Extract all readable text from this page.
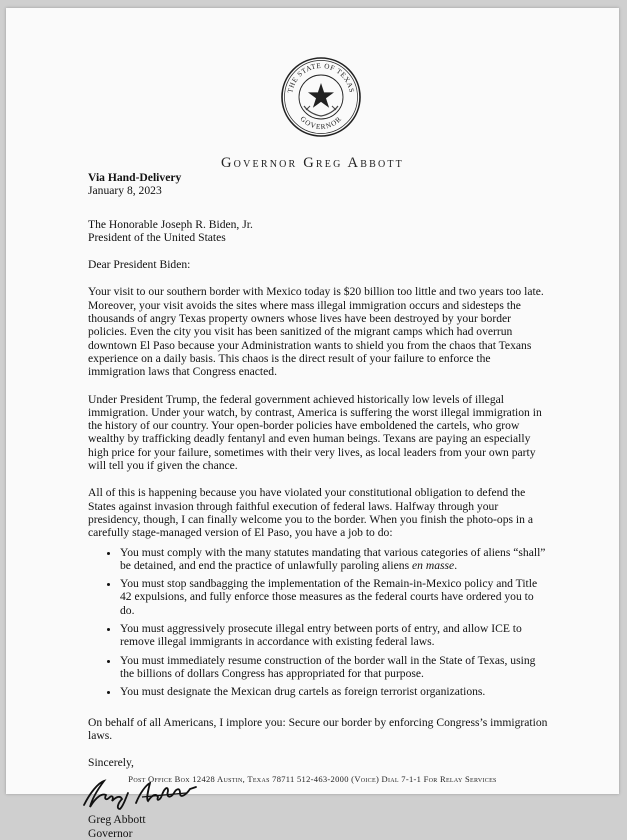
THE STATE OF TEXAS
GOVERNOR
Governor Greg Abbott

Via Hand-Delivery

January 8, 2023

The Honorable Joseph R. Biden, Jr.

President of the United States

Dear President Biden:

Your visit to our southern border with Mexico today is $20 billion too little and two years too late. Moreover, your visit avoids the sites where mass illegal immigration occurs and sidesteps the thousands of angry Texas property owners whose lives have been destroyed by your border policies. Even the city you visit has been sanitized of the migrant camps which had overrun downtown El Paso because your Administration wants to shield you from the chaos that Texans experience on a daily basis. This chaos is the direct result of your failure to enforce the immigration laws that Congress enacted.

Under President Trump, the federal government achieved historically low levels of illegal immigration. Under your watch, by contrast, America is suffering the worst illegal immigration in the history of our country. Your open-border policies have emboldened the cartels, who grow wealthy by trafficking deadly fentanyl and even human beings. Texans are paying an especially high price for your failure, sometimes with their very lives, as local leaders from your own party will tell you if given the chance.

All of this is happening because you have violated your constitutional obligation to defend the States against invasion through faithful execution of federal laws. Halfway through your presidency, though, I can finally welcome you to the border. When you finish the photo-ops in a carefully stage-managed version of El Paso, you have a job to do:

• You must comply with the many statutes mandating that various categories of aliens “shall” be detained, and end the practice of unlawfully paroling aliens en masse.
• You must stop sandbagging the implementation of the Remain-in-Mexico policy and Title 42 expulsions, and fully enforce those measures as the federal courts have ordered you to do.
• You must aggressively prosecute illegal entry between ports of entry, and allow ICE to remove illegal immigrants in accordance with existing federal laws.
• You must immediately resume construction of the border wall in the State of Texas, using the billions of dollars Congress has appropriated for that purpose.
• You must designate the Mexican drug cartels as foreign terrorist organizations.

On behalf of all Americans, I implore you: Secure our border by enforcing Congress’s immigration laws.

Sincerely,

Greg Abbott

Governor

Post Office Box 12428 Austin, Texas 78711 512-463-2000 (Voice) Dial 7-1-1 For Relay Services
